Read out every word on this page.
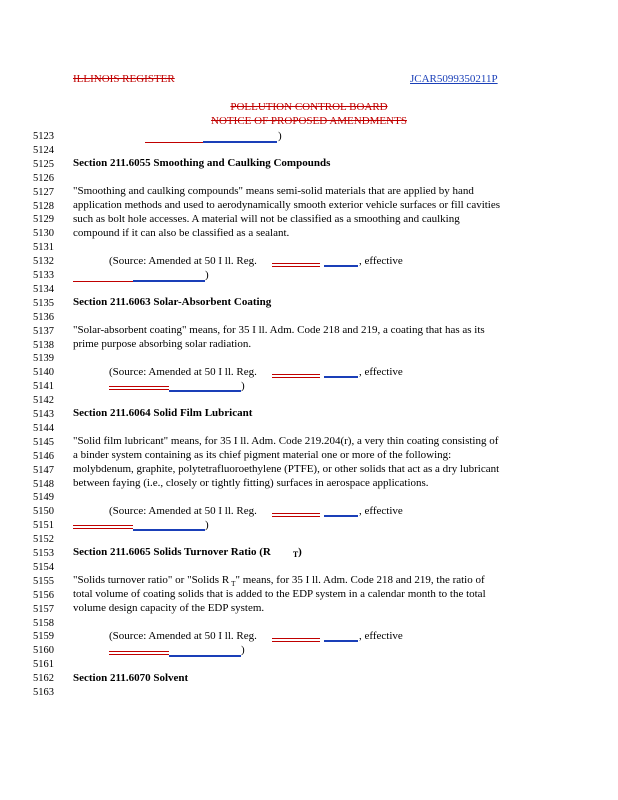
ILLINOIS REGISTER	JCAR5099350211P
POLLUTION CONTROL BOARD
NOTICE OF PROPOSED AMENDMENTS
5123
5124
5125
5126
5127
5128
5129
5130
5131
5132
5133
5134
5135
5136
5137
5138
5139
5140
5141
5142
5143
5144
5145
5146
5147
5148
5149
5150
5151
5152
5153
5154
5155
5156
5157
5158
5159
5160
5161
5162
5163
)
Section 211.6055 Smoothing and Caulking Compounds
"Smoothing and caulking compounds" means semi-solid materials that are applied by hand
application methods and used to aerodynamically smooth exterior vehicle surfaces or fill cavities
such as bolt hole accesses. A material will not be classified as a smoothing and caulking
compound if it can also be classified as a sealant.
(Source: Amended at 50 I ll. Reg.	, effective
)
Section 211.6063 Solar-Absorbent Coating
"Solar-absorbent coating" means, for 35 I ll. Adm. Code 218 and 219, a coating that has as its
prime purpose absorbing solar radiation.
(Source: Amended at 50 I ll. Reg.	, effective
)
Section 211.6064 Solid Film Lubricant
"Solid film lubricant" means, for 35 I ll. Adm. Code 219.204(r), a very thin coating consisting of
a binder system containing as its chief pigment material one or more of the following:
molybdenum, graphite, polytetrafluoroethylene (PTFE), or other solids that act as a dry lubricant
between faying (i.e., closely or tightly fitting) surfaces in aerospace applications.
(Source: Amended at 50 I ll. Reg.	, effective
)
Section 211.6065 Solids Turnover Ratio (R	T)
"Solids turnover ratio" or "Solids R $_T$" means, for 35 I ll. Adm. Code 218 and 219, the ratio of
total volume of coating solids that is added to the EDP system in a calendar month to the total
volume design capacity of the EDP system.
(Source: Amended at 50 I ll. Reg.	, effective
)
Section 211.6070 Solvent
